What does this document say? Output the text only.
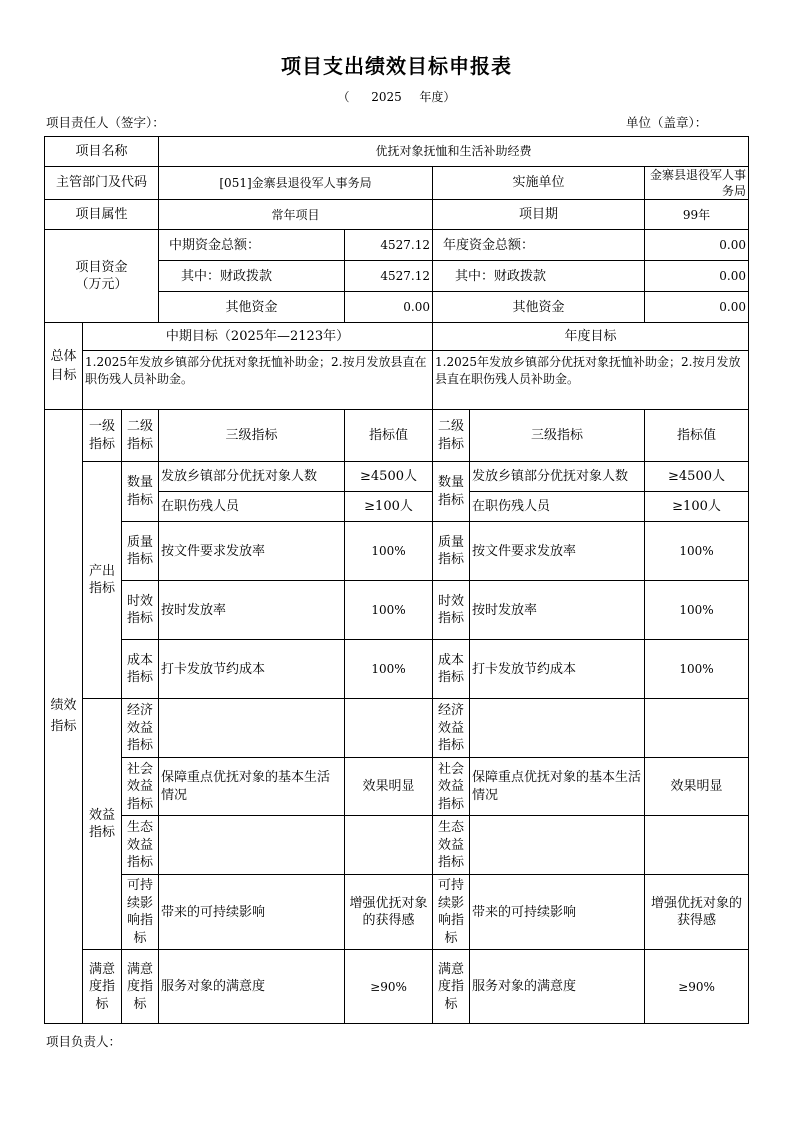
项目支出绩效目标申报表
（ 2025 年度）
项目责任人（签字）：	单位（盖章）：
项目名称			优抚对象抚恤和生活补助经费				
主管部门及代码			[051]金寨县退役军人事务局		实施单位		金寨县退役军人事务局
项目属性			常年项目		项目期		99年

项目资金
（万元）			中期资金总额：	4527.12	年度资金总额：		0.00
			其中：财政拨款	4527.12	其中：财政拨款		0.00
			其他资金	0.00	其他资金		0.00
总体目标	中期目标（2025年—2123年）				年度目标		
	1.2025年发放乡镇部分优抚对象抚恤补助金；2.按月发放县直在职伤残人员补助金。				1.2025年发放乡镇部分优抚对象抚恤补助金；2.按月发放县直在职伤残人员补助金。		
绩效指标	一级指标	二级指标	三级指标	指标值	二级指标	三级指标	指标值
	产出指标	数量指标	发放乡镇部分优抚对象人数	≥4500人	数量指标	发放乡镇部分优抚对象人数	≥4500人
			在职伤残人员	≥100人		在职伤残人员	≥100人
		质量指标	按文件要求发放率	100%	质量指标	按文件要求发放率	100%
		时效指标	按时发放率	100%	时效指标	按时发放率	100%
		成本指标	打卡发放节约成本	100%	成本指标	打卡发放节约成本	100%
	效益指标	经济效益指标			经济效益指标		
		社会效益指标	保障重点优抚对象的基本生活情况	效果明显	社会效益指标	保障重点优抚对象的基本生活情况	效果明显
		生态效益指标			生态效益指标		
		可持续影响指标	带来的可持续影响	增强优抚对象的获得感	可持续影响指标	带来的可持续影响	增强优抚对象的获得感
	满意度指标	满意度指标	服务对象的满意度	≥90%	满意度指标	服务对象的满意度	≥90%
项目负责人：
